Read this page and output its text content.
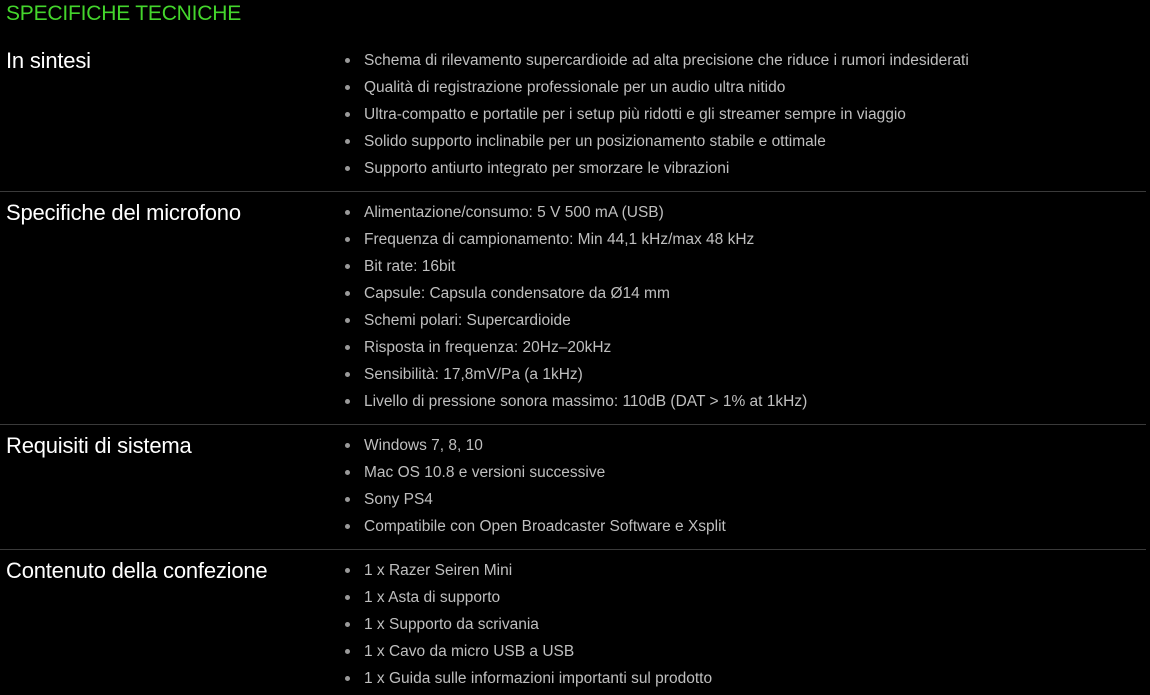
SPECIFICHE TECNICHE
In sintesi	Schema di rilevamento supercardioide ad alta precisione che riduce i rumori indesiderati
Qualità di registrazione professionale per un audio ultra nitido
Ultra-compatto e portatile per i setup più ridotti e gli streamer sempre in viaggio
Solido supporto inclinabile per un posizionamento stabile e ottimale
Supporto antiurto integrato per smorzare le vibrazioni
Specifiche del microfono	Alimentazione/consumo: 5 V 500 mA (USB)
Frequenza di campionamento: Min 44,1 kHz/max 48 kHz
Bit rate: 16bit
Capsule: Capsula condensatore da Ø14 mm
Schemi polari: Supercardioide
Risposta in frequenza: 20Hz–20kHz
Sensibilità: 17,8mV/Pa (a 1kHz)
Livello di pressione sonora massimo: 110dB (DAT > 1% at 1kHz)
Requisiti di sistema	Windows 7, 8, 10
Mac OS 10.8 e versioni successive
Sony PS4
Compatibile con Open Broadcaster Software e Xsplit
Contenuto della confezione	1 x Razer Seiren Mini
1 x Asta di supporto
1 x Supporto da scrivania
1 x Cavo da micro USB a USB
1 x Guida sulle informazioni importanti sul prodotto
